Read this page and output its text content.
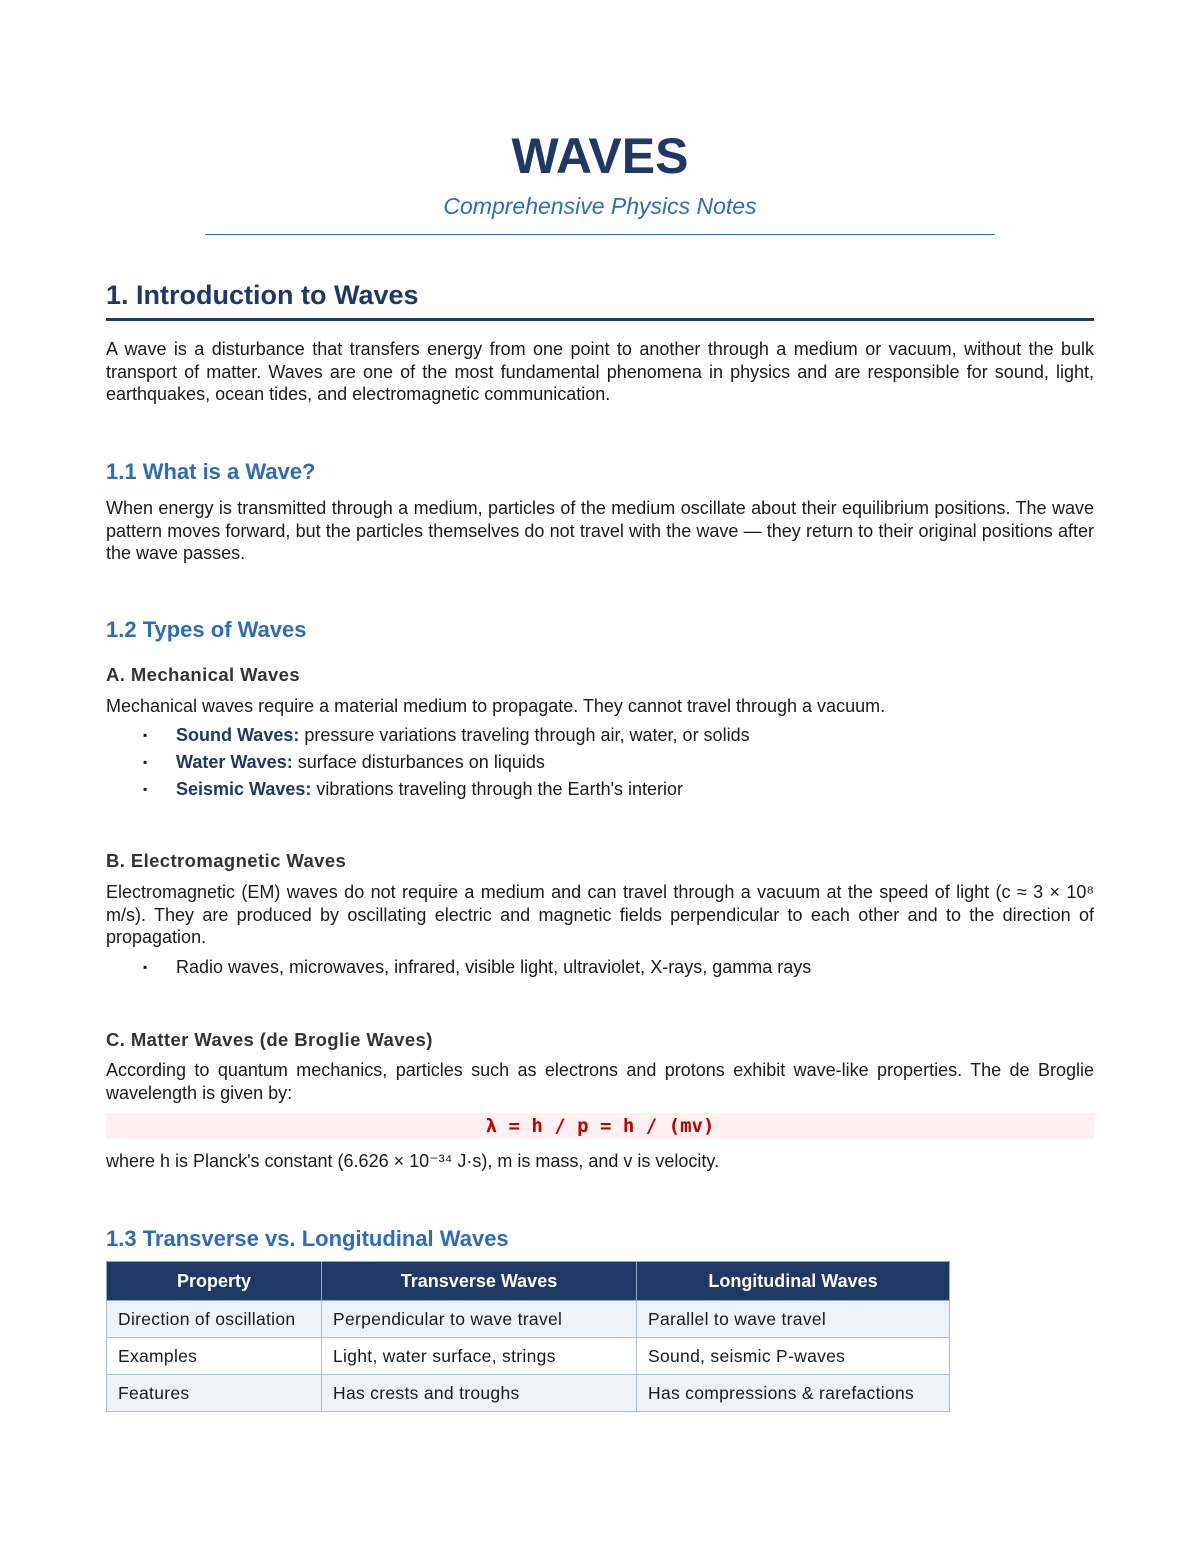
WAVES
Comprehensive Physics Notes
1. Introduction to Waves

A wave is a disturbance that transfers energy from one point to another through a medium or vacuum, without the bulk transport of matter. Waves are one of the most fundamental phenomena in physics and are responsible for sound, light, earthquakes, ocean tides, and electromagnetic communication.

1.1 What is a Wave?

When energy is transmitted through a medium, particles of the medium oscillate about their equilibrium positions. The wave pattern moves forward, but the particles themselves do not travel with the wave — they return to their original positions after the wave passes.

1.2 Types of Waves
A. Mechanical Waves

Mechanical waves require a material medium to propagate. They cannot travel through a vacuum.

▪ Sound Waves: pressure variations traveling through air, water, or solids
▪ Water Waves: surface disturbances on liquids
▪ Seismic Waves: vibrations traveling through the Earth's interior
B. Electromagnetic Waves

Electromagnetic (EM) waves do not require a medium and can travel through a vacuum at the speed of light (c ≈ 3 × 10⁸ m/s). They are produced by oscillating electric and magnetic fields perpendicular to each other and to the direction of propagation.

▪ Radio waves, microwaves, infrared, visible light, ultraviolet, X-rays, gamma rays
C. Matter Waves (de Broglie Waves)

According to quantum mechanics, particles such as electrons and protons exhibit wave-like properties. The de Broglie wavelength is given by:

λ = h / p = h / (mv)

where h is Planck's constant (6.626 × 10⁻³⁴ J·s), m is mass, and v is velocity.

1.3 Transverse vs. Longitudinal Waves
Property	Transverse Waves	Longitudinal Waves
Direction of oscillation	Perpendicular to wave travel	Parallel to wave travel
Examples	Light, water surface, strings	Sound, seismic P-waves
Features	Has crests and troughs	Has compressions & rarefactions
